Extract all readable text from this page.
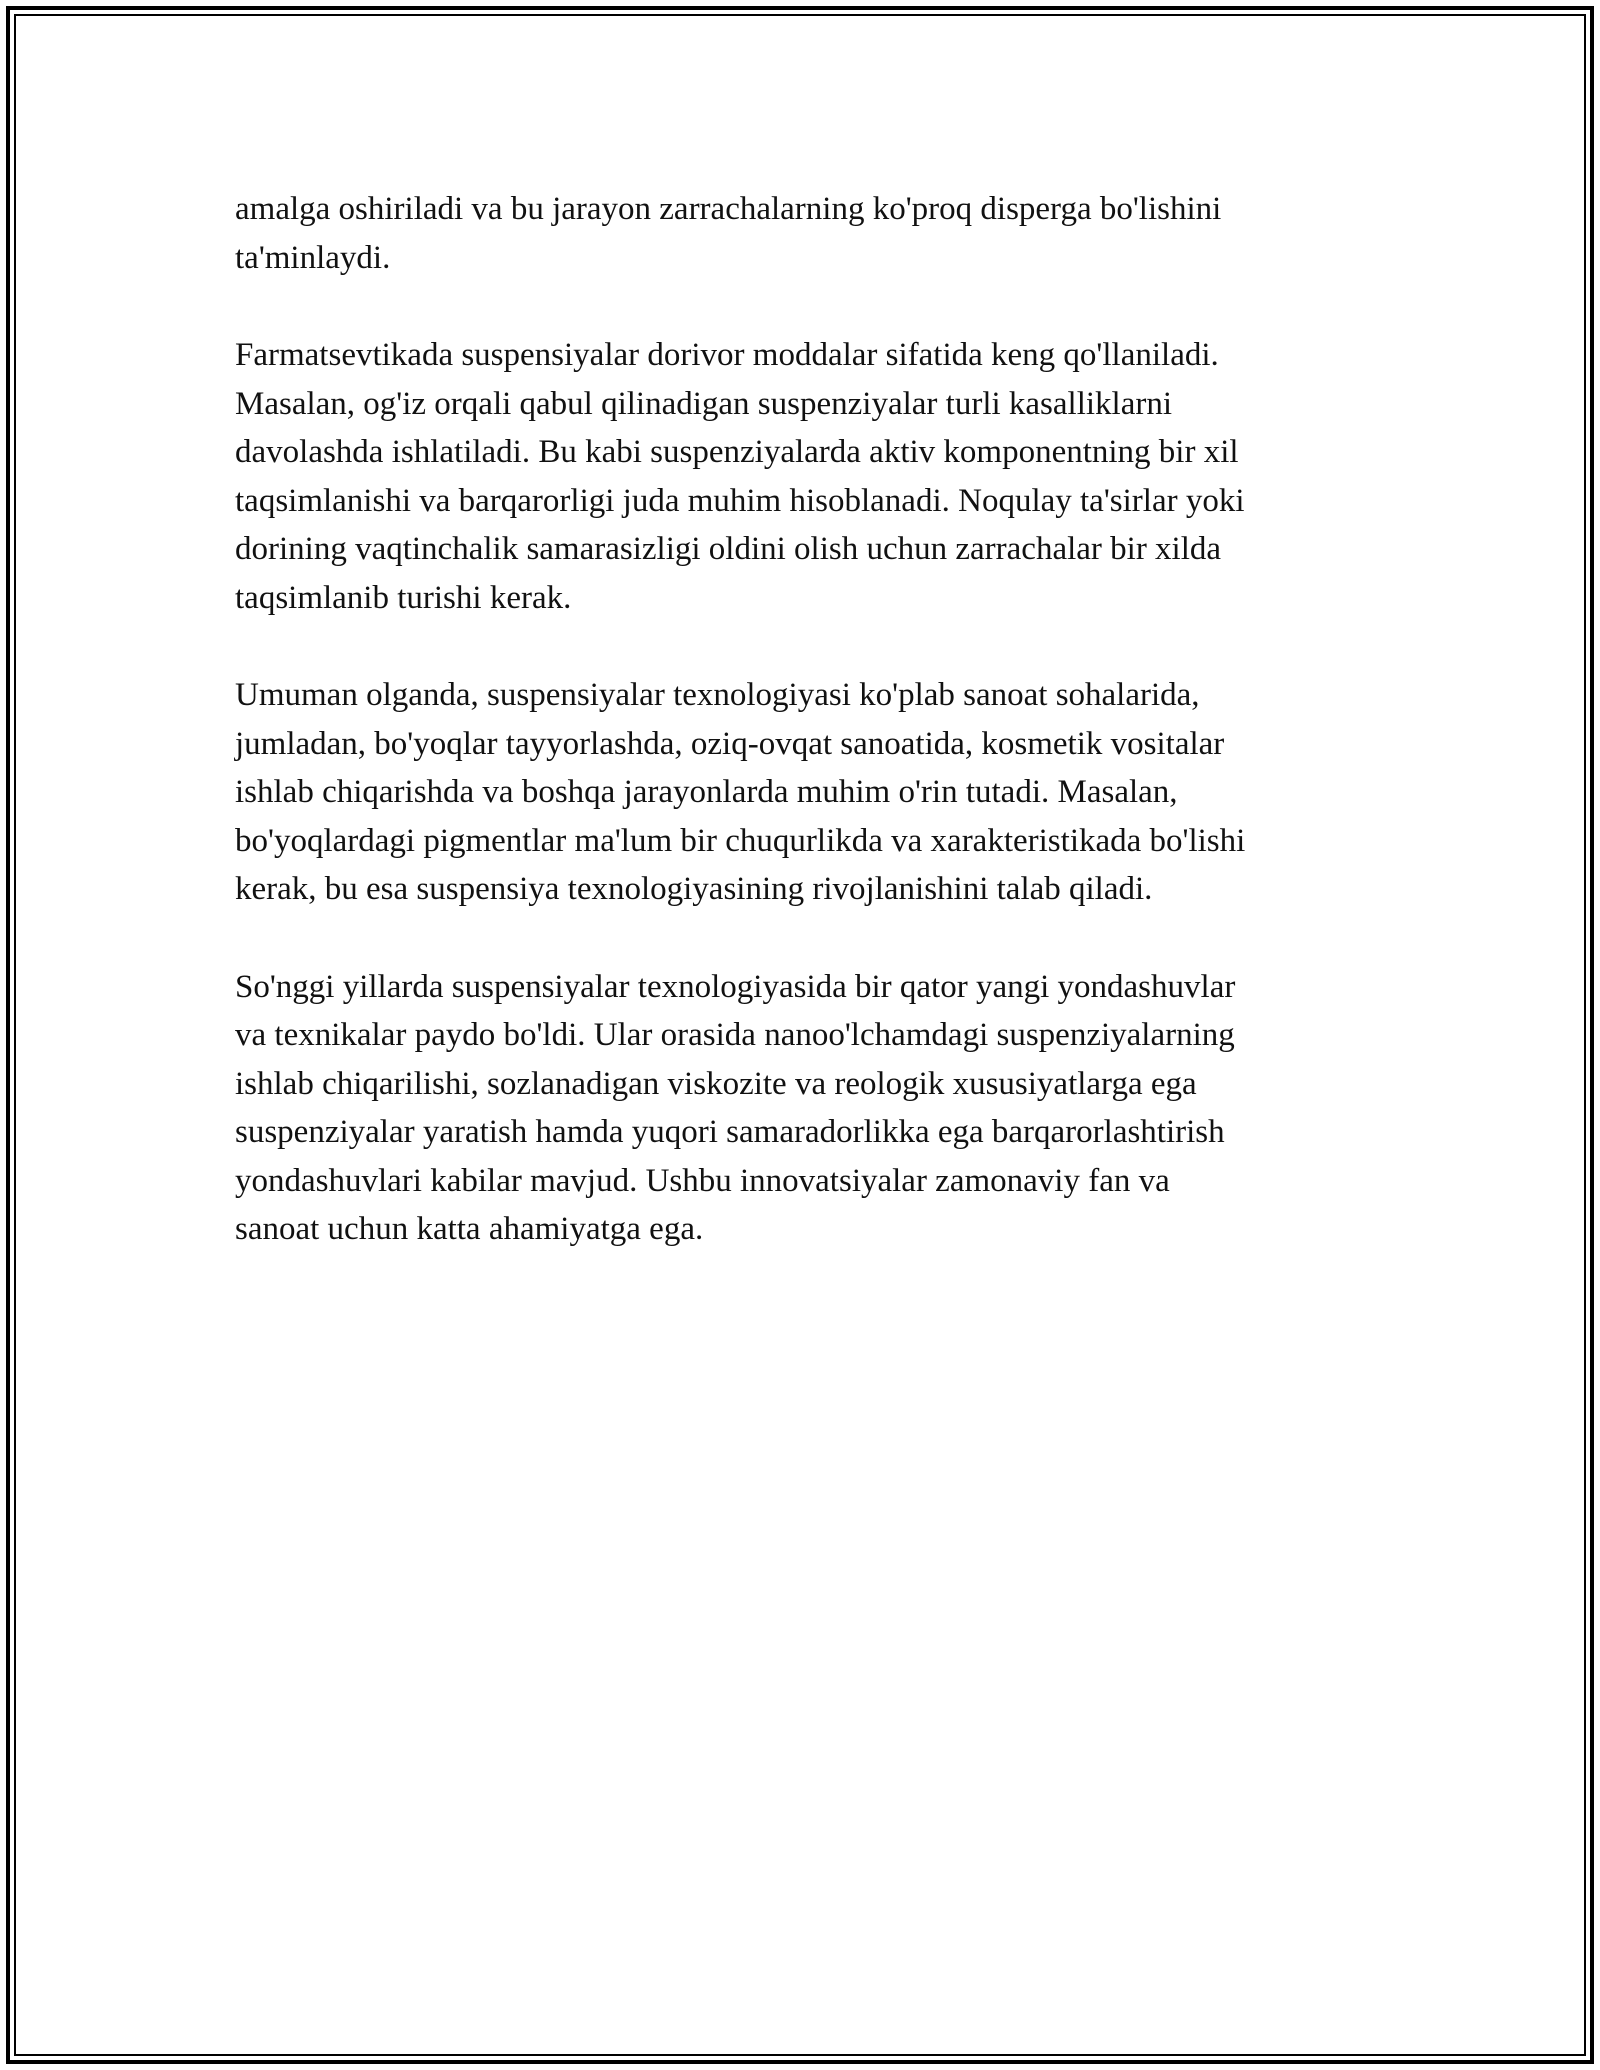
amalga oshiriladi va bu jarayon zarrachalarning ko'proq disperga bo'lishini
ta'minlaydi.

Farmatsevtikada suspensiyalar dorivor moddalar sifatida keng qo'llaniladi.
Masalan, og'iz orqali qabul qilinadigan suspenziyalar turli kasalliklarni
davolashda ishlatiladi. Bu kabi suspenziyalarda aktiv komponentning bir xil
taqsimlanishi va barqarorligi juda muhim hisoblanadi. Noqulay ta'sirlar yoki
dorining vaqtinchalik samarasizligi oldini olish uchun zarrachalar bir xilda
taqsimlanib turishi kerak.

Umuman olganda, suspensiyalar texnologiyasi ko'plab sanoat sohalarida,
jumladan, bo'yoqlar tayyorlashda, oziq-ovqat sanoatida, kosmetik vositalar
ishlab chiqarishda va boshqa jarayonlarda muhim o'rin tutadi. Masalan,
bo'yoqlardagi pigmentlar ma'lum bir chuqurlikda va xarakteristikada bo'lishi
kerak, bu esa suspensiya texnologiyasining rivojlanishini talab qiladi.

So'nggi yillarda suspensiyalar texnologiyasida bir qator yangi yondashuvlar
va texnikalar paydo bo'ldi. Ular orasida nanoo'lchamdagi suspenziyalarning
ishlab chiqarilishi, sozlanadigan viskozite va reologik xususiyatlarga ega
suspenziyalar yaratish hamda yuqori samaradorlikka ega barqarorlashtirish
yondashuvlari kabilar mavjud. Ushbu innovatsiyalar zamonaviy fan va
sanoat uchun katta ahamiyatga ega.
